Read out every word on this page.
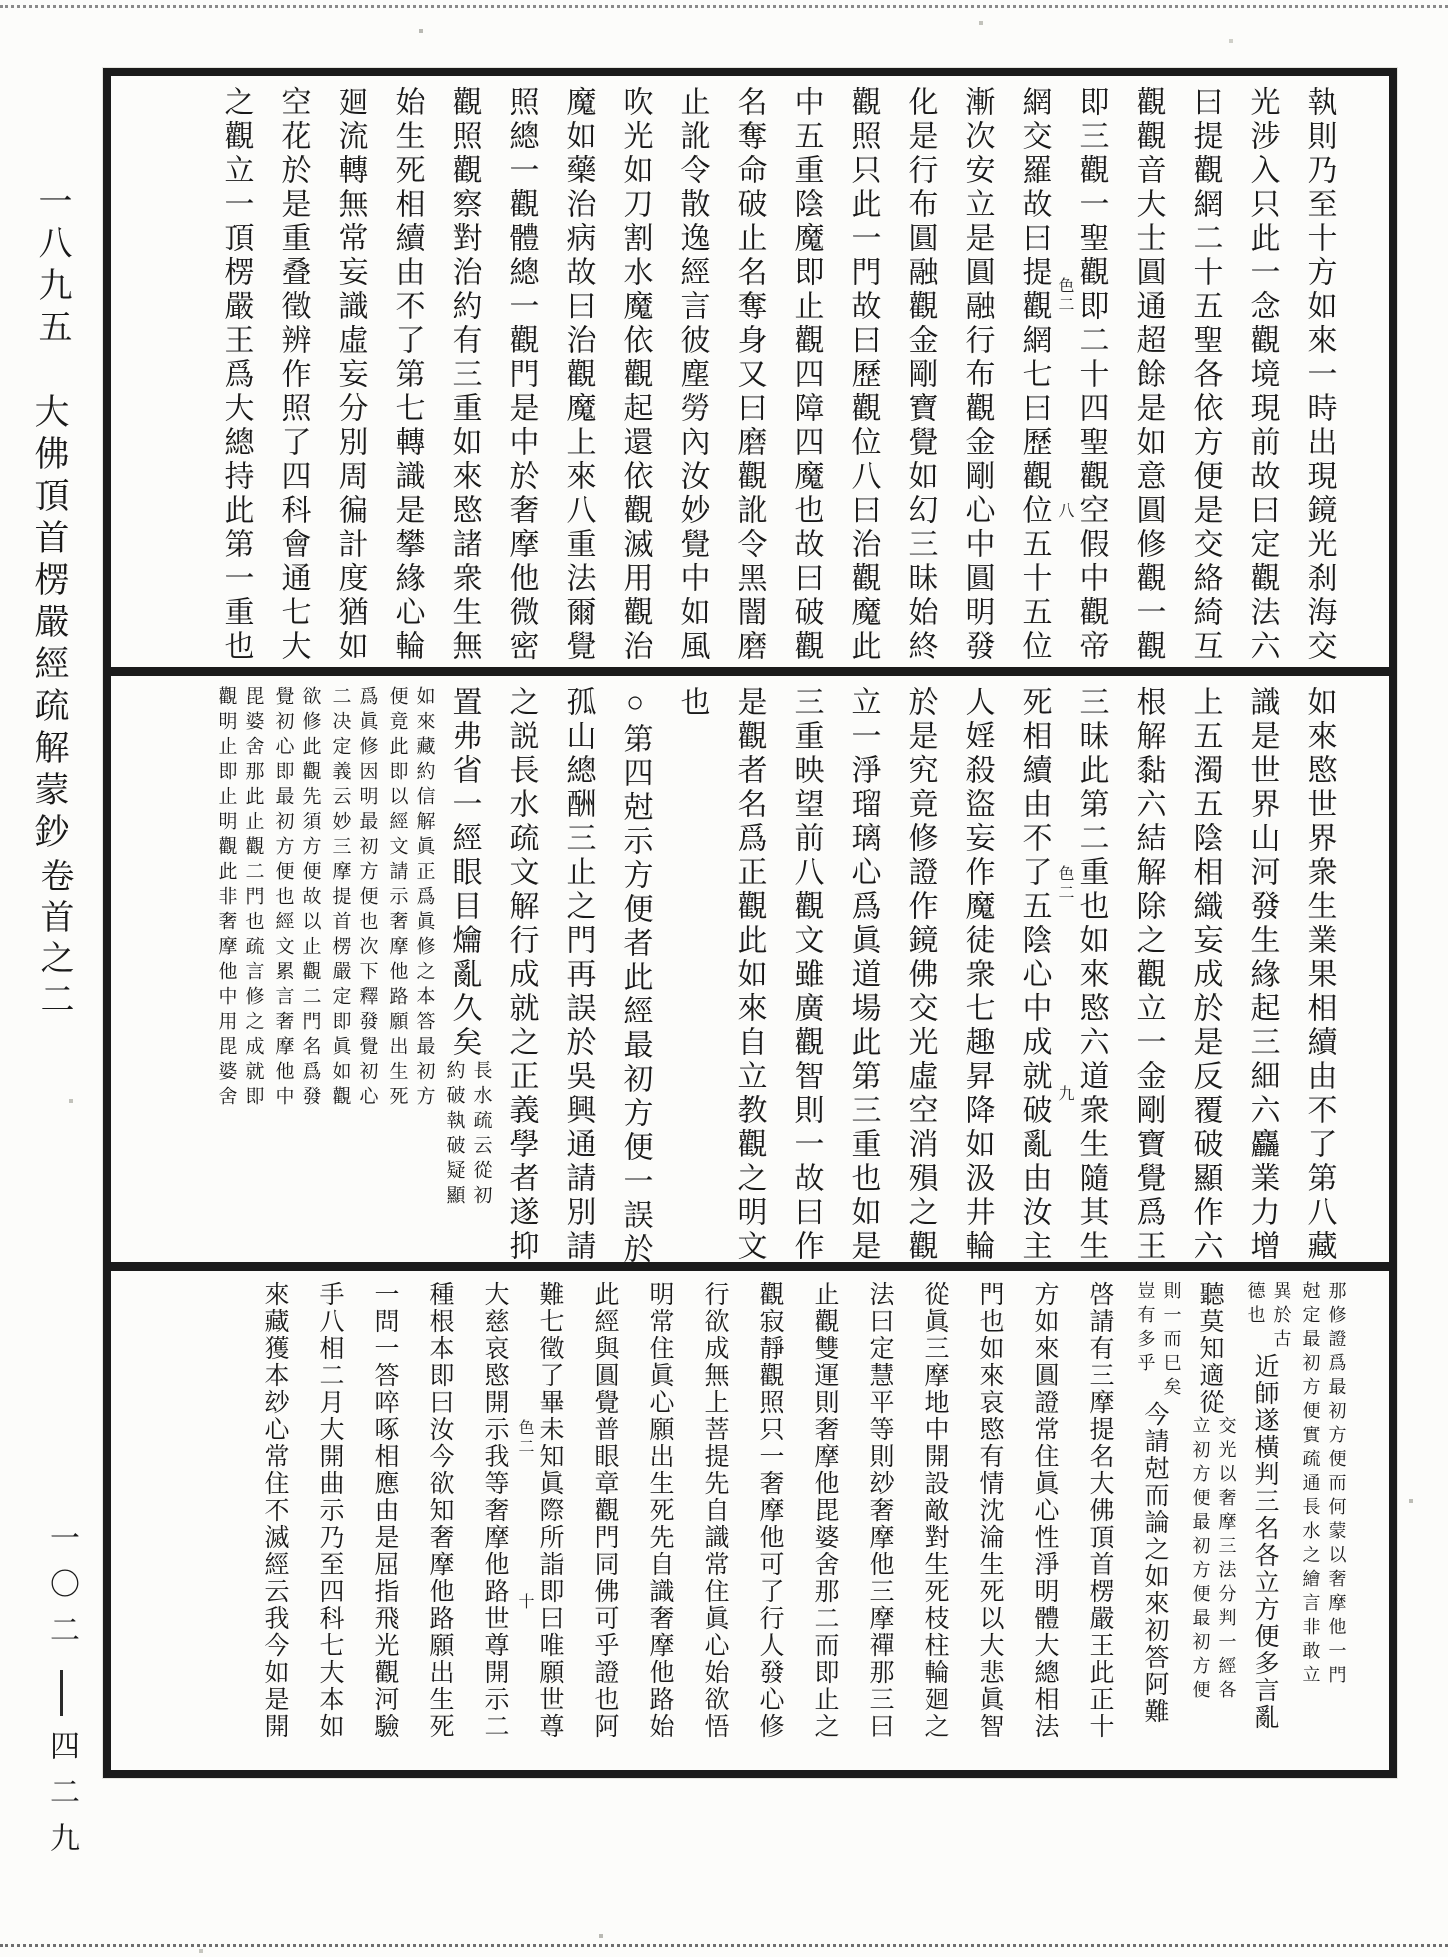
一八九五
大佛頂首楞嚴經疏解蒙鈔
卷首之二
一〇二
四二九
執則乃至十方如來一時出現鏡光刹海交
光涉入只此一念觀境現前故曰定觀法六
曰提觀網二十五聖各依方便是交絡綺互
觀觀音大士圓通超餘是如意圓修觀一觀
即三觀一聖觀即二十四聖觀空假中觀帝
色二
八
網交羅故曰提觀網七曰歷觀位五十五位
漸次安立是圓融行布觀金剛心中圓明發
化是行布圓融觀金剛寶覺如幻三昧始終
觀照只此一門故曰歷觀位八曰治觀魔此
中五重陰魔即止觀四障四魔也故曰破觀
名奪命破止名奪身又曰磨觀訛令黑闇磨
止訛令散逸經言彼塵勞內汝妙覺中如風
吹光如刀割水魔依觀起還依觀滅用觀治
魔如藥治病故曰治觀魔上來八重法爾覺
照總一觀體總一觀門是中於奢摩他微密
觀照觀察對治約有三重如來愍諸衆生無
始生死相續由不了第七轉識是攀緣心輪
廻流轉無常妄識虛妄分別周徧計度猶如
空花於是重叠徵辨作照了四科會通七大
之觀立一頂楞嚴王爲大總持此第一重也
如來愍世界衆生業果相續由不了第八藏
識是世界山河發生緣起三細六麤業力增
上五濁五陰相織妄成於是反覆破顯作六
根解黏六結解除之觀立一金剛寶覺爲王
三昧此第二重也如來愍六道衆生隨其生
色二
九
死相續由不了五陰心中成就破亂由汝主
人婬殺盜妄作魔徒衆七趣昇降如汲井輪
於是究竟修證作鏡佛交光虛空消殞之觀
立一淨瑠璃心爲眞道場此第三重也如是
三重映望前八觀文雖廣觀智則一故曰作
是觀者名爲正觀此如來自立教觀之明文
也
○第四尅示方便者此經最初方便一誤於
孤山總酬三止之門再誤於吳興通請別請
之説長水疏文解行成就之正義學者遂抑
置弗省一經眼目爚亂久矣
長水疏云從初
約破執破疑顯
如來藏約信解眞正爲眞修之本答最初方
便竟此即以經文請示奢摩他路願出生死
爲眞修因明最初方便也次下釋發覺初心
二决定義云妙三摩提首楞嚴定即眞如觀
欲修此觀先須方便故以止觀二門名爲發
覺初心即最初方便也經文累言奢摩他中
毘婆舍那此止觀二門也疏言修之成就即
觀明止即止明觀此非奢摩他中用毘婆舍
那修證爲最初方便而何蒙以奢摩他一門
尅定最初方便實疏通長水之繪言非敢立
異於古
德也
近師遂橫判三名各立方便多言亂
聽莫知適從
交光以奢摩三法分判一經各
立初方便最初方便最初方便
則一而巳矣
豈有多乎
今請尅而論之如來初答阿難
啓請有三摩提名大佛頂首楞嚴王此正十
方如來圓證常住眞心性淨明體大總相法
門也如來哀愍有情沈淪生死以大悲眞智
從眞三摩地中開設敵對生死枝柱輪廻之
法曰定慧平等則玅奢摩他三摩禪那三曰
止觀雙運則奢摩他毘婆舍那二而即止之
觀寂靜觀照只一奢摩他可了行人發心修
行欲成無上菩提先自識常住眞心始欲悟
明常住眞心願出生死先自識奢摩他路始
此經與圓覺普眼章觀門同佛可乎證也阿
難七徵了畢未知眞際所詣即曰唯願世尊
色二
十
大慈哀愍開示我等奢摩他路世尊開示二
種根本即曰汝今欲知奢摩他路願出生死
一問一答啐啄相應由是屈指飛光觀河驗
手八相二月大開曲示乃至四科七大本如
來藏獲本玅心常住不滅經云我今如是開
